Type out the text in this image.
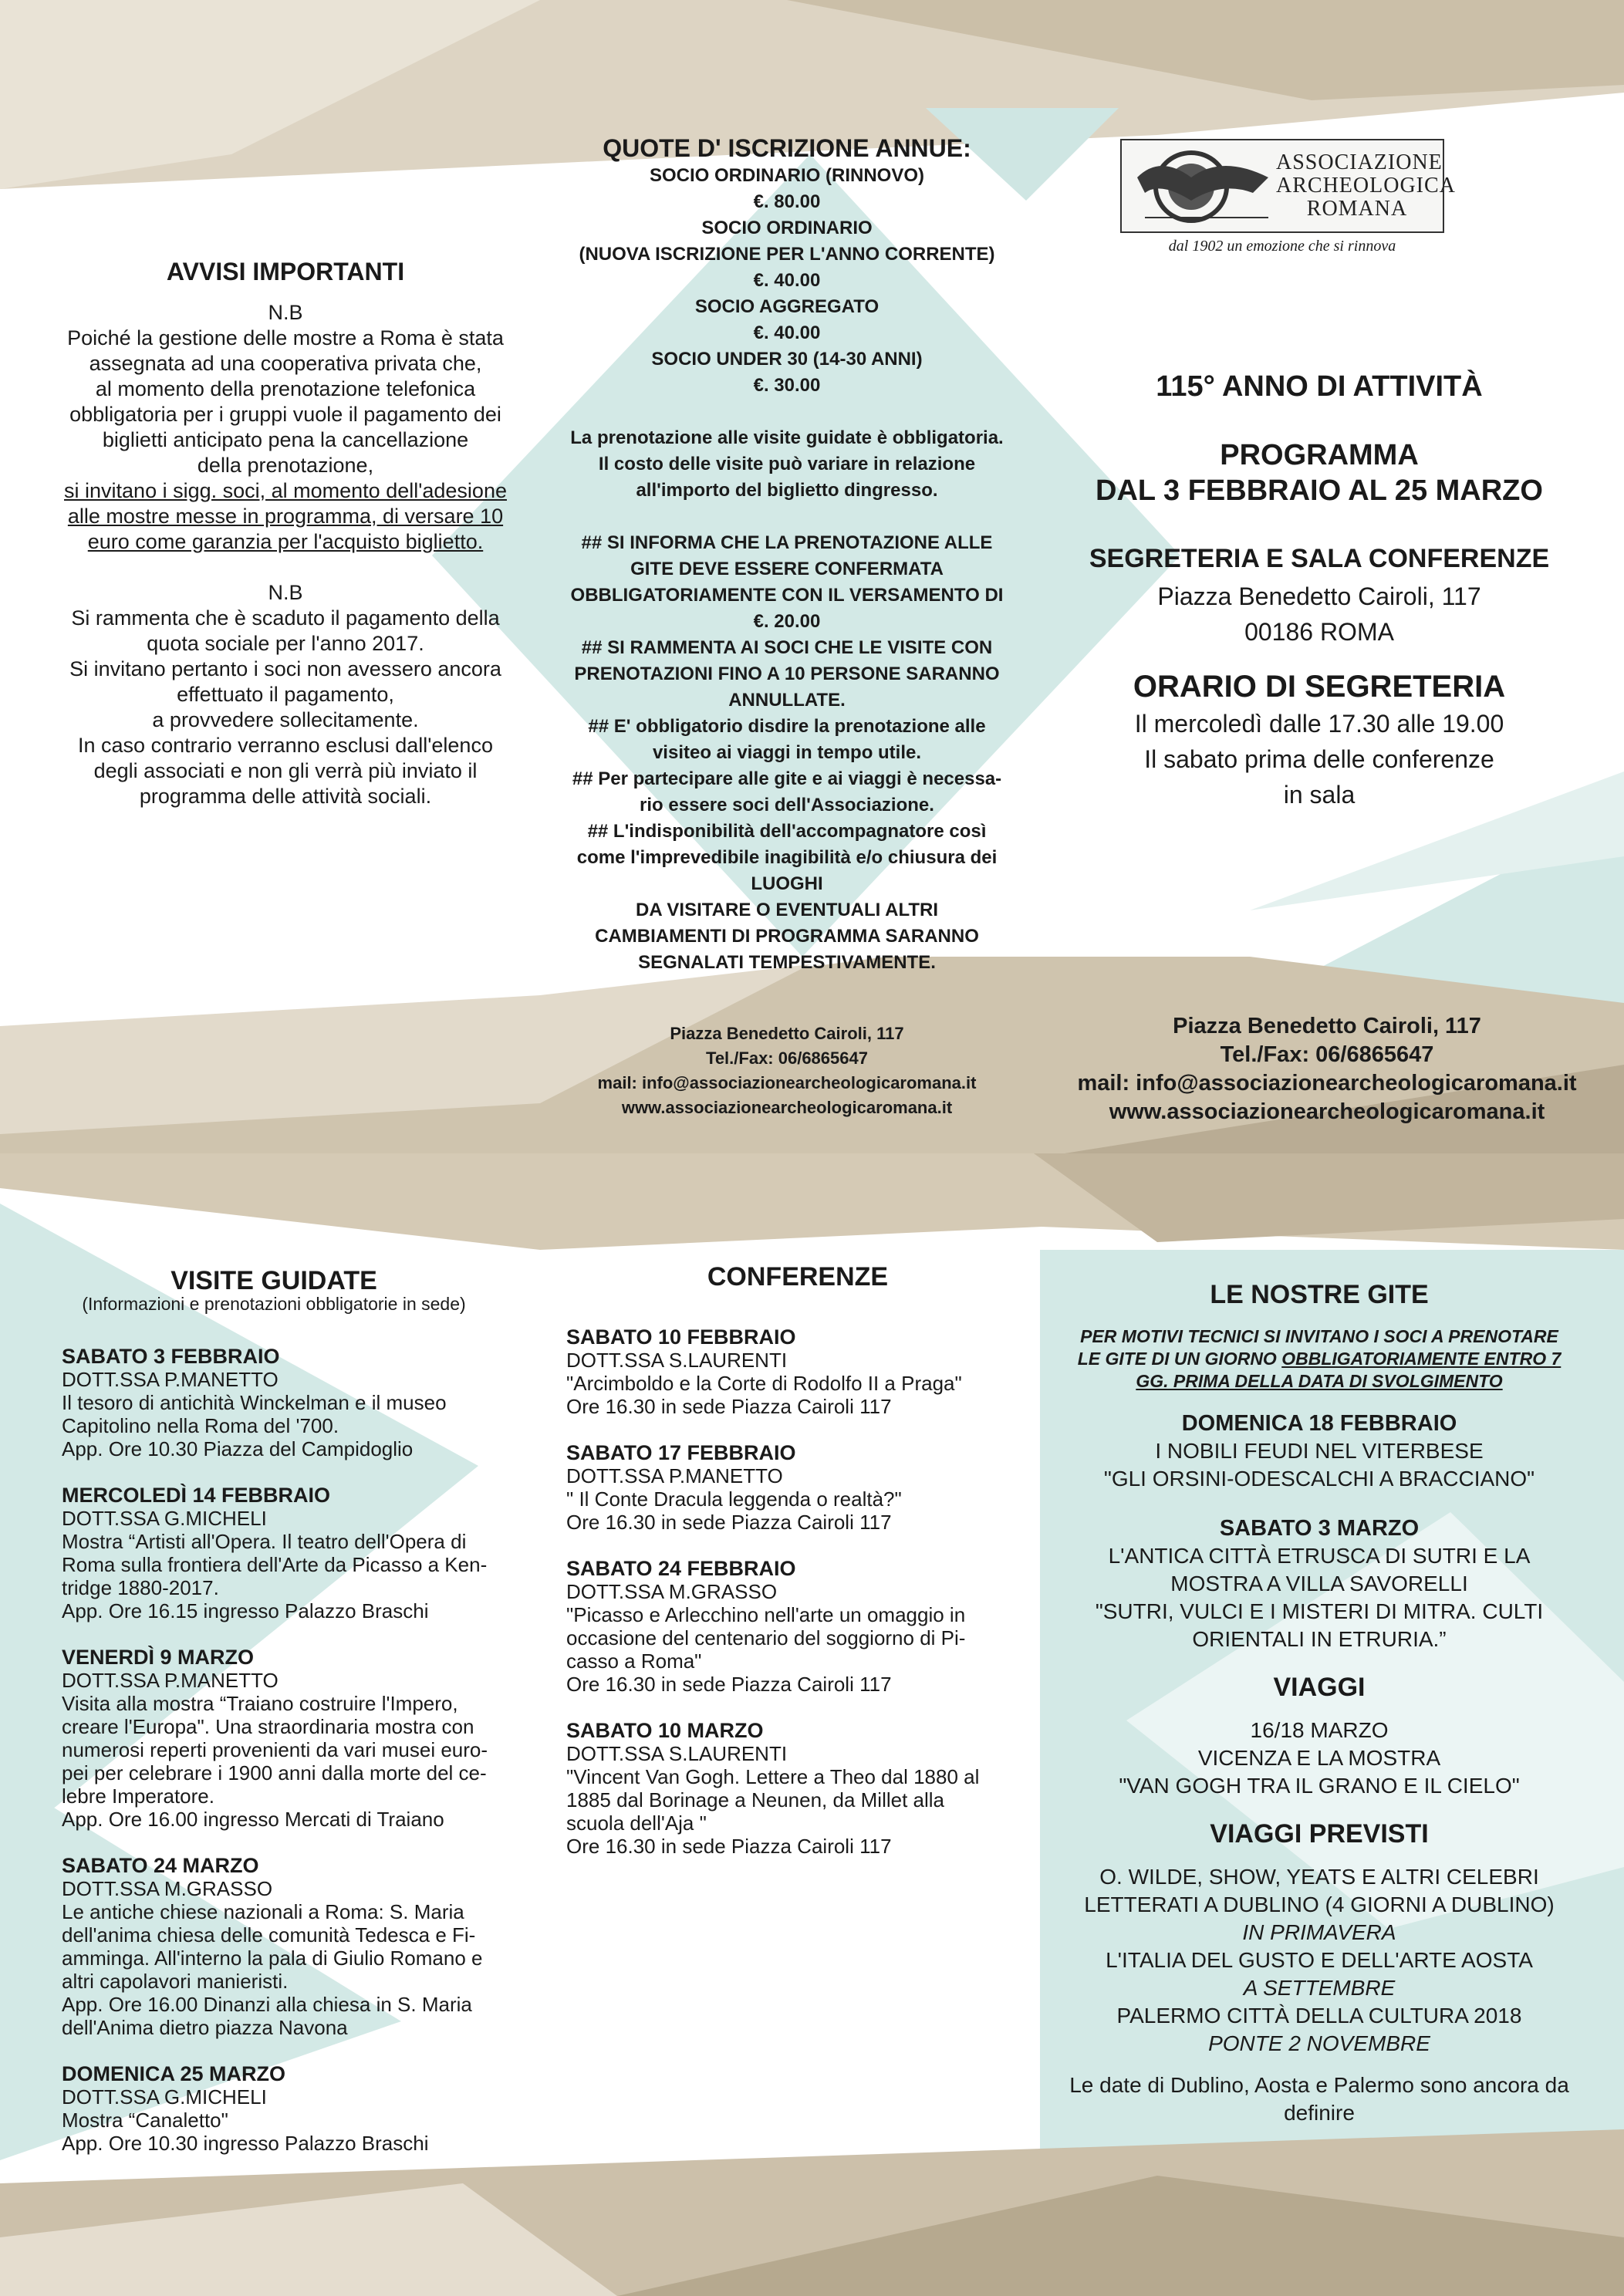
AVVISI IMPORTANTI
N.B
Poiché la gestione delle mostre a Roma è stata
assegnata ad una cooperativa privata che,
al momento della prenotazione telefonica
obbligatoria per i gruppi vuole il pagamento dei
biglietti anticipato pena la cancellazione
della prenotazione,
si invitano i sigg. soci, al momento dell'adesione
alle mostre messe in programma, di versare 10
euro come garanzia per l'acquisto biglietto.
N.B
Si rammenta che è scaduto il pagamento della
quota sociale per l'anno 2017.
Si invitano pertanto i soci non avessero ancora
effettuato il pagamento,
a provvedere sollecitamente.
In caso contrario verranno esclusi dall'elenco
degli associati e non gli verrà più inviato il
programma delle attività sociali.
QUOTE D' ISCRIZIONE ANNUE:
SOCIO ORDINARIO (RINNOVO)
€. 80.00
SOCIO ORDINARIO
(NUOVA ISCRIZIONE PER L'ANNO CORRENTE)
€. 40.00
SOCIO AGGREGATO
€. 40.00
SOCIO UNDER 30 (14-30 ANNI)
€. 30.00
La prenotazione alle visite guidate è obbligatoria.
Il costo delle visite può variare in relazione
all'importo del biglietto dingresso.
## SI INFORMA CHE LA PRENOTAZIONE ALLE
GITE DEVE ESSERE CONFERMATA
OBBLIGATORIAMENTE CON IL VERSAMENTO DI
€. 20.00
## SI RAMMENTA AI SOCI CHE LE VISITE CON
PRENOTAZIONI FINO A 10 PERSONE SARANNO
ANNULLATE.
## E' obbligatorio disdire la prenotazione alle
visiteo ai viaggi in tempo utile.
## Per partecipare alle gite e ai viaggi è necessa-
rio essere soci dell'Associazione.
## L'indisponibilità dell'accompagnatore così
come l'imprevedibile inagibilità e/o chiusura dei
LUOGHI
DA VISITARE O EVENTUALI ALTRI
CAMBIAMENTI DI PROGRAMMA SARANNO
SEGNALATI TEMPESTIVAMENTE.
ASSOCIAZIONE
ARCHEOLOGICA
ROMANA
dal 1902 un emozione che si rinnova
115° ANNO DI ATTIVITÀ
PROGRAMMA
DAL 3 FEBBRAIO AL 25 MARZO
SEGRETERIA E SALA CONFERENZE
Piazza Benedetto Cairoli, 117
00186 ROMA
ORARIO DI SEGRETERIA
Il mercoledì dalle 17.30 alle 19.00
Il sabato prima delle conferenze
in sala
Piazza Benedetto Cairoli, 117
Tel./Fax: 06/6865647
mail: info@associazionearcheologicaromana.it
www.associazionearcheologicaromana.it
Piazza Benedetto Cairoli, 117
Tel./Fax: 06/6865647
mail: info@associazionearcheologicaromana.it
www.associazionearcheologicaromana.it
VISITE GUIDATE
(Informazioni e prenotazioni obbligatorie in sede)
SABATO 3 FEBBRAIO
DOTT.SSA P.MANETTO
Il tesoro di antichità Winckelman e il museo
Capitolino nella Roma del '700.
App. Ore 10.30 Piazza del Campidoglio
MERCOLEDÌ 14 FEBBRAIO
DOTT.SSA G.MICHELI
Mostra “Artisti all'Opera. Il teatro dell'Opera di
Roma sulla frontiera dell'Arte da Picasso a Ken-
tridge 1880-2017.
App. Ore 16.15 ingresso Palazzo Braschi
VENERDÌ 9 MARZO
DOTT.SSA P.MANETTO
Visita alla mostra “Traiano costruire l'Impero,
creare l'Europa". Una straordinaria mostra con
numerosi reperti provenienti da vari musei euro-
pei per celebrare i 1900 anni dalla morte del ce-
lebre Imperatore.
App. Ore 16.00 ingresso Mercati di Traiano
SABATO 24 MARZO
DOTT.SSA M.GRASSO
Le antiche chiese nazionali a Roma: S. Maria
dell'anima chiesa delle comunità Tedesca e Fi-
amminga. All'interno la pala di Giulio Romano e
altri capolavori manieristi.
App. Ore 16.00 Dinanzi alla chiesa in S. Maria
dell'Anima dietro piazza Navona
DOMENICA 25 MARZO
DOTT.SSA G.MICHELI
Mostra “Canaletto"
App. Ore 10.30 ingresso Palazzo Braschi
CONFERENZE
SABATO 10 FEBBRAIO
DOTT.SSA S.LAURENTI
"Arcimboldo e la Corte di Rodolfo II a Praga"
Ore 16.30 in sede Piazza Cairoli 117
SABATO 17 FEBBRAIO
DOTT.SSA P.MANETTO
" Il Conte Dracula leggenda o realtà?"
Ore 16.30 in sede Piazza Cairoli 117
SABATO 24 FEBBRAIO
DOTT.SSA M.GRASSO
"Picasso e Arlecchino nell'arte un omaggio in
occasione del centenario del soggiorno di Pi-
casso a Roma"
Ore 16.30 in sede Piazza Cairoli 117
SABATO 10 MARZO
DOTT.SSA S.LAURENTI
"Vincent Van Gogh. Lettere a Theo dal 1880 al
1885 dal Borinage a Neunen, da Millet alla
scuola dell'Aja "
Ore 16.30 in sede Piazza Cairoli 117
LE NOSTRE GITE
PER MOTIVI TECNICI SI INVITANO I SOCI A PRENOTARE
LE GITE DI UN GIORNO OBBLIGATORIAMENTE ENTRO 7
GG. PRIMA DELLA DATA DI SVOLGIMENTO
DOMENICA 18 FEBBRAIO
I NOBILI FEUDI NEL VITERBESE
"GLI ORSINI-ODESCALCHI A BRACCIANO"
SABATO 3 MARZO
L'ANTICA CITTÀ ETRUSCA DI SUTRI E LA
MOSTRA A VILLA SAVORELLI
"SUTRI, VULCI E I MISTERI DI MITRA. CULTI
ORIENTALI IN ETRURIA.”
VIAGGI
16/18 MARZO
VICENZA E LA MOSTRA
"VAN GOGH TRA IL GRANO E IL CIELO"
VIAGGI PREVISTI
O. WILDE, SHOW, YEATS E ALTRI CELEBRI
LETTERATI A DUBLINO (4 GIORNI A DUBLINO)
IN PRIMAVERA
L'ITALIA DEL GUSTO E DELL'ARTE AOSTA
A SETTEMBRE
PALERMO CITTÀ DELLA CULTURA 2018
PONTE 2 NOVEMBRE
Le date di Dublino, Aosta e Palermo sono ancora da
definire
